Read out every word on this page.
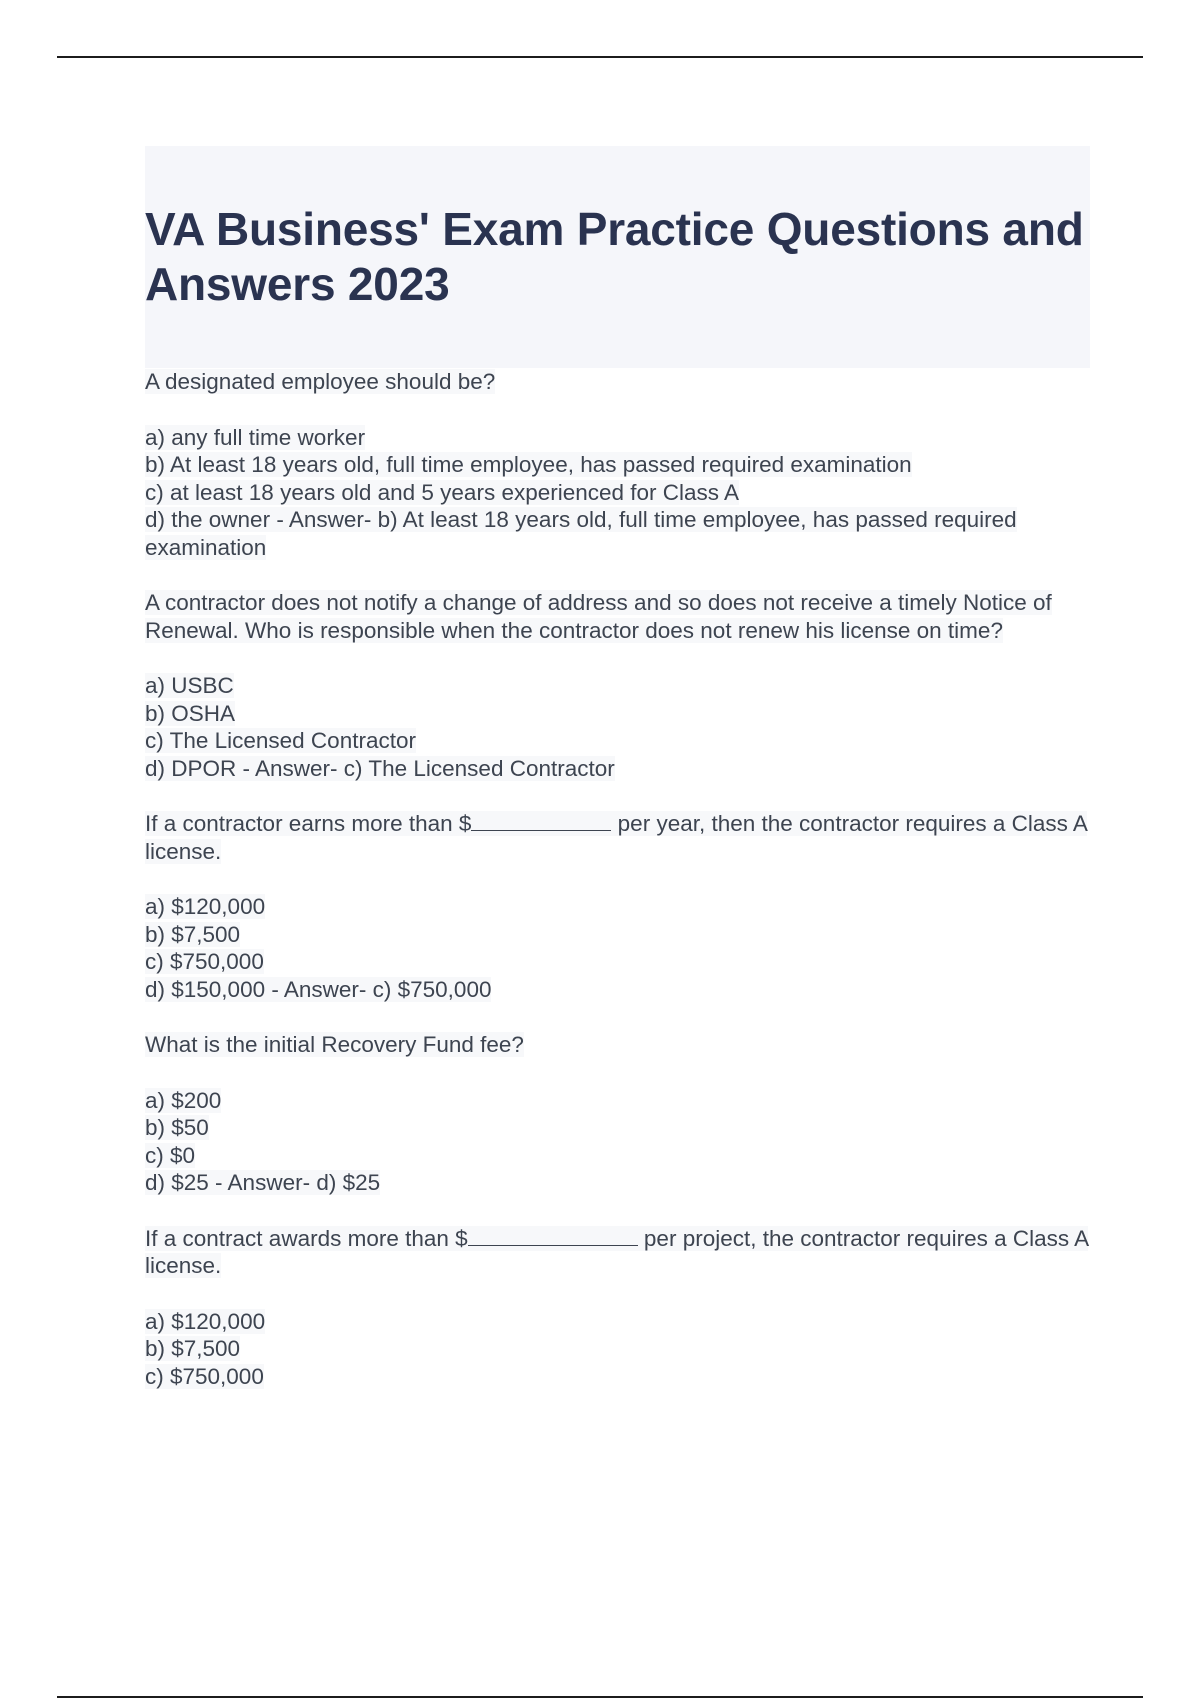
VA Business' Exam Practice Questions and Answers 2023
A designated employee should be?
a) any full time worker
b) At least 18 years old, full time employee, has passed required examination
c) at least 18 years old and 5 years experienced for Class A
d) the owner - Answer- b) At least 18 years old, full time employee, has passed required examination
A contractor does not notify a change of address and so does not receive a timely Notice of Renewal. Who is responsible when the contractor does not renew his license on time?
a) USBC
b) OSHA
c) The Licensed Contractor
d) DPOR - Answer- c) The Licensed Contractor
If a contractor earns more than $	per year, then the contractor requires a Class A license.
a) $120,000
b) $7,500
c) $750,000
d) $150,000 - Answer- c) $750,000
What is the initial Recovery Fund fee?
a) $200
b) $50
c) $0
d) $25 - Answer- d) $25
If a contract awards more than $	per project, the contractor requires a Class A license.
a) $120,000
b) $7,500
c) $750,000
